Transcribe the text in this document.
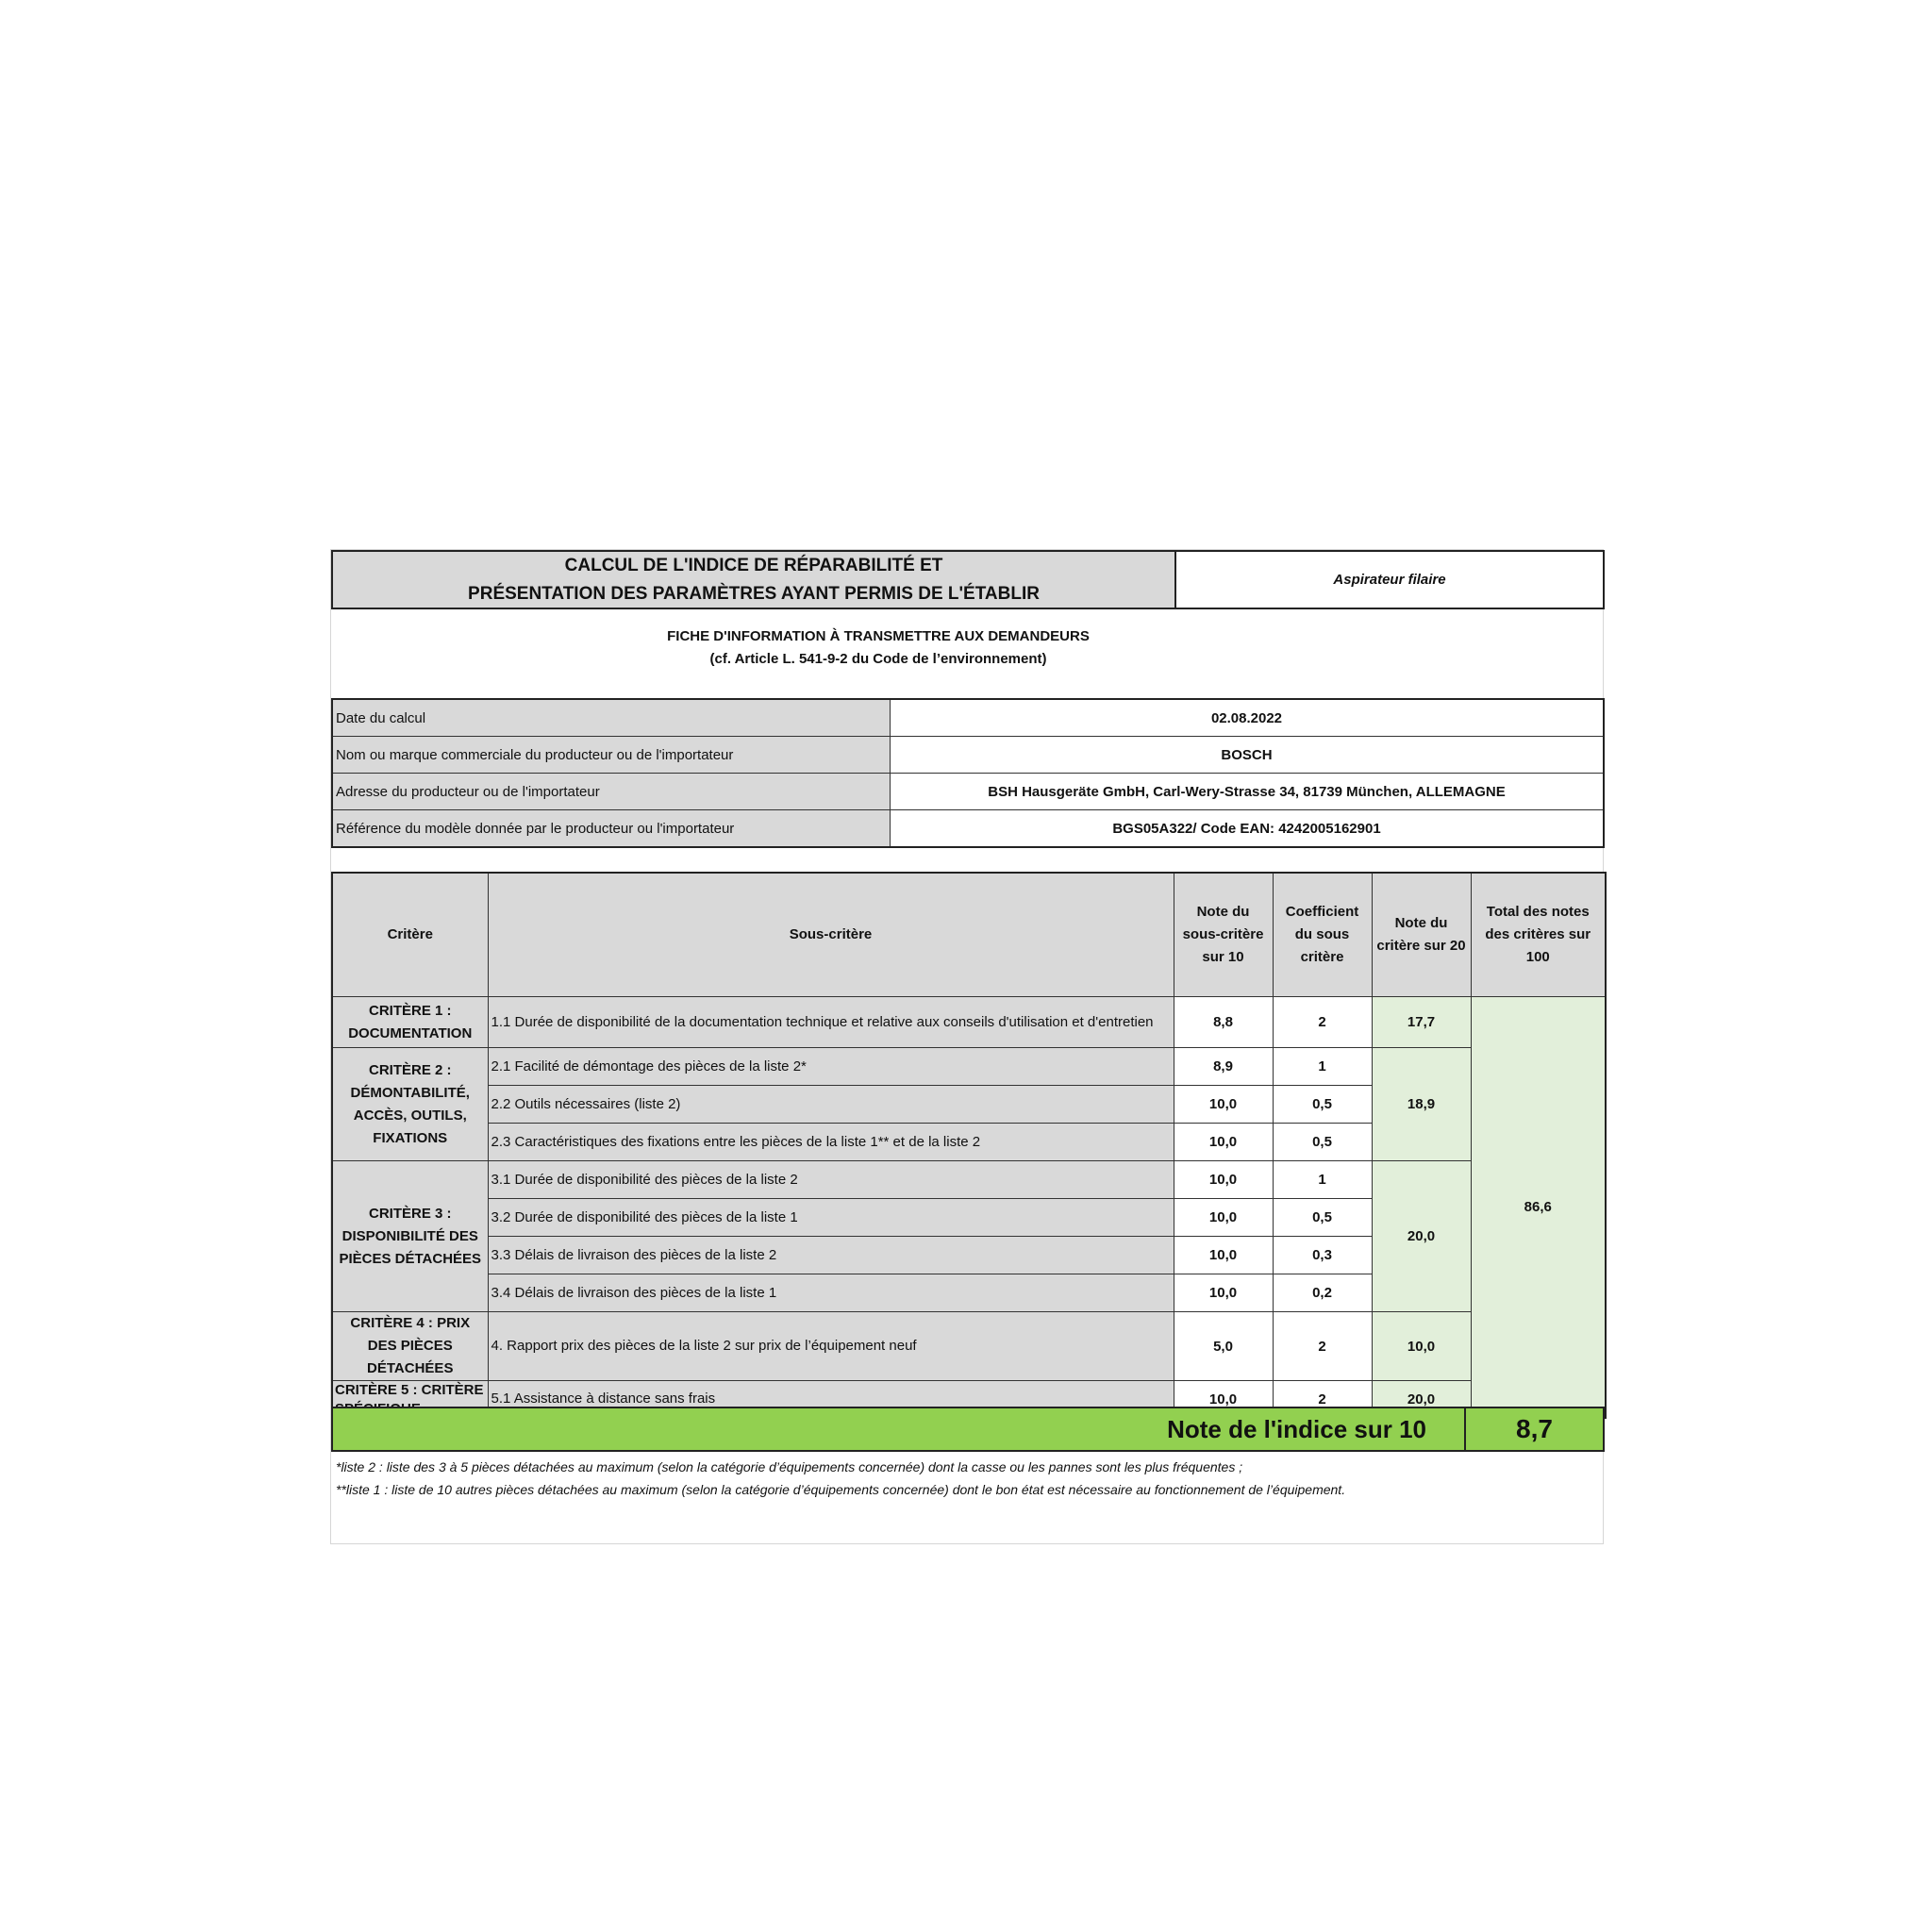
CALCUL DE L'INDICE DE RÉPARABILITÉ ET
PRÉSENTATION DES PARAMÈTRES AYANT PERMIS DE L'ÉTABLIR
Aspirateur filaire
FICHE D'INFORMATION À TRANSMETTRE AUX DEMANDEURS
(cf. Article L. 541-9-2 du Code de l’environnement)
Date du calcul	02.08.2022
Nom ou marque commerciale du producteur ou de l'importateur	BOSCH
Adresse du producteur ou de l'importateur	BSH Hausgeräte GmbH, Carl-Wery-Strasse 34, 81739 München, ALLEMAGNE
Référence du modèle donnée par le producteur ou l'importateur	BGS05A322/ Code EAN: 4242005162901
Critère	Sous-critère	Note du sous-critère sur 10	Coefficient du sous critère	Note du critère sur 20	Total des notes des critères sur 100
CRITÈRE 1 : DOCUMENTATION	1.1 Durée de disponibilité de la documentation technique et relative aux conseils d'utilisation et d'entretien	8,8	2	17,7	86,6
CRITÈRE 2 : DÉMONTABILITÉ, ACCÈS, OUTILS, FIXATIONS	2.1 Facilité de démontage des pièces de la liste 2*	8,9	1	18,9	
	2.2 Outils nécessaires (liste 2)	10,0	0,5		
	2.3 Caractéristiques des fixations entre les pièces de la liste 1** et de la liste 2	10,0	0,5		
CRITÈRE 3 : DISPONIBILITÉ DES PIÈCES DÉTACHÉES	3.1 Durée de disponibilité des pièces de la liste 2	10,0	1	20,0	
	3.2 Durée de disponibilité des pièces de la liste 1	10,0	0,5		
	3.3 Délais de livraison des pièces de la liste 2	10,0	0,3		
	3.4 Délais de livraison des pièces de la liste 1	10,0	0,2		
CRITÈRE 4 : PRIX DES PIÈCES DÉTACHÉES	4. Rapport prix des pièces de la liste 2 sur prix de l’équipement neuf	5,0	2	10,0	

CRITÈRE 5 : CRITÈRE	5.1 Assistance à distance sans frais	10,0	2	20,0	
Note de l'indice sur 10	8,7
*liste 2 : liste des 3 à 5 pièces détachées au maximum (selon la catégorie d’équipements concernée) dont la casse ou les pannes sont les plus fréquentes ;
**liste 1 : liste de 10 autres pièces détachées au maximum (selon la catégorie d’équipements concernée) dont le bon état est nécessaire au fonctionnement de l’équipement.
